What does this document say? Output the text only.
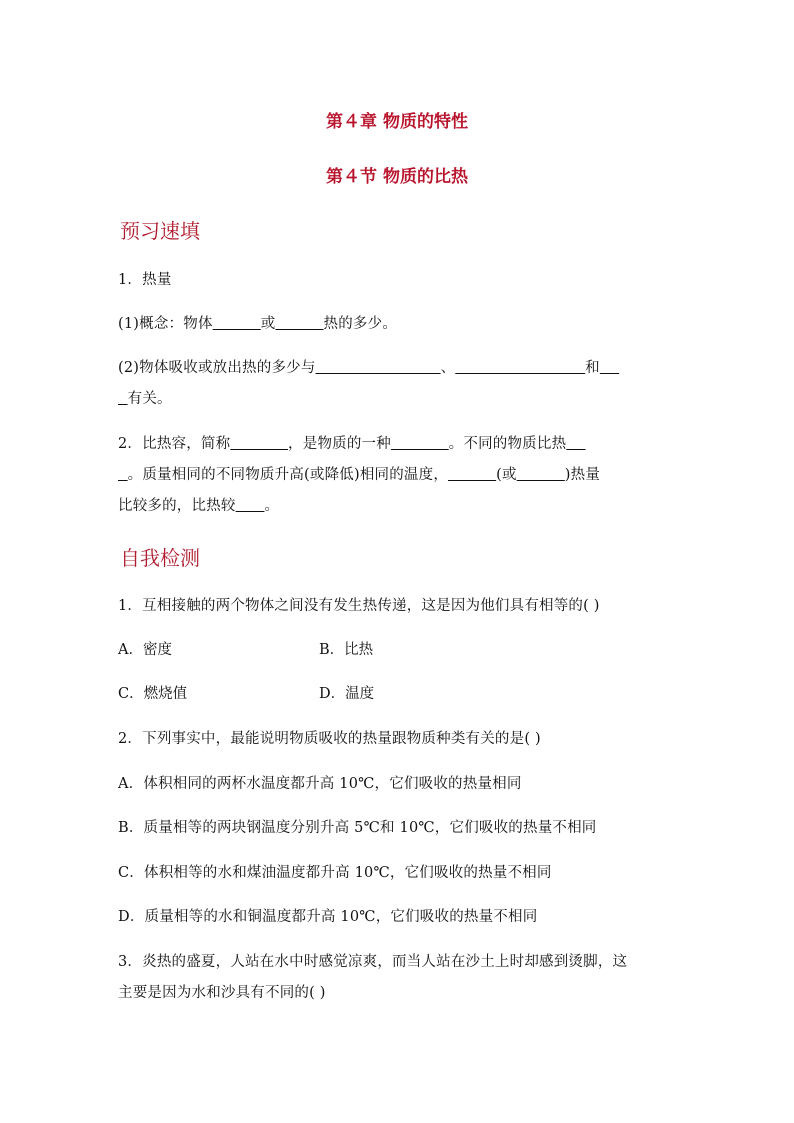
第４章 物质的特性
第４节 物质的比热
预习速填
1．热量
(1)概念：物体	或	热的多少。
(2)物体吸收或放出热的多少与	、	和
有关。
2．比热容，简称	，是物质的一种	。不同的物质比热
。质量相同的不同物质升高(或降低)相同的温度，	(或	)热量
比较多的，比热较 。
自我检测
1．互相接触的两个物体之间没有发生热传递，这是因为他们具有相等的( )
A．密度	B．比热
C．燃烧值	D．温度
2．下列事实中，最能说明物质吸收的热量跟物质种类有关的是( )
A．体积相同的两杯水温度都升高 10℃，它们吸收的热量相同
B．质量相等的两块钢温度分别升高 5℃和 10℃，它们吸收的热量不相同
C．体积相等的水和煤油温度都升高 10℃，它们吸收的热量不相同
D．质量相等的水和铜温度都升高 10℃，它们吸收的热量不相同
3．炎热的盛夏，人站在水中时感觉凉爽，而当人站在沙土上时却感到烫脚，这
主要是因为水和沙具有不同的( )
